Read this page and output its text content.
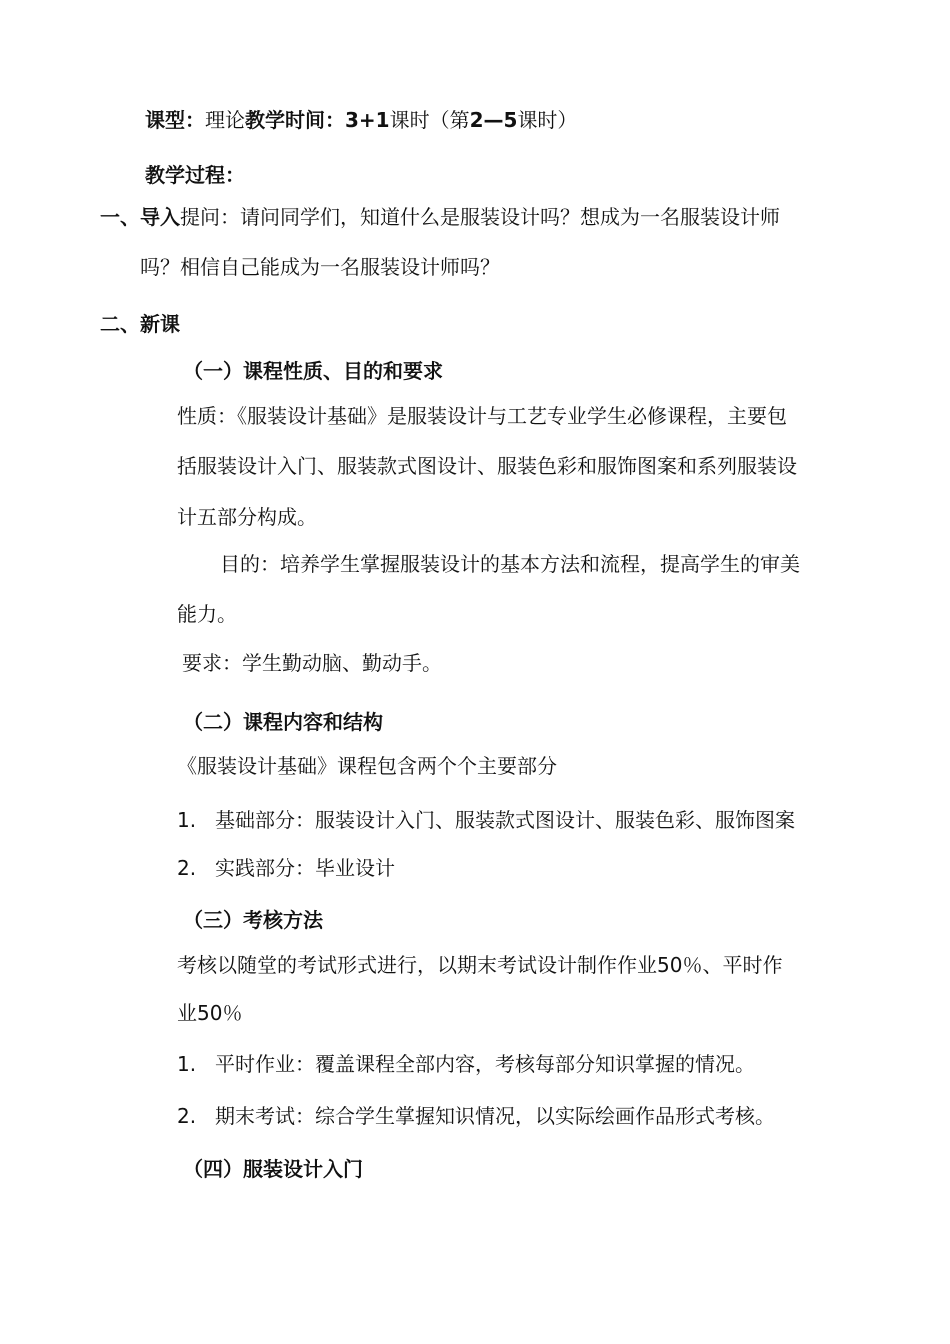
课型：理论教学时间：3+1课时（第2—5课时）
教学过程：
一、导入提问：请问同学们，知道什么是服装设计吗？想成为一名服装设计师
吗？相信自己能成为一名服装设计师吗？
二、新课
（一）课程性质、目的和要求
性质：《服装设计基础》是服装设计与工艺专业学生必修课程，主要包
括服装设计入门、服装款式图设计、服装色彩和服饰图案和系列服装设
计五部分构成。
目的：培养学生掌握服装设计的基本方法和流程，提高学生的审美
能力。
要求：学生勤动脑、勤动手。
（二）课程内容和结构
《服装设计基础》课程包含两个个主要部分
1. 基础部分：服装设计入门、服装款式图设计、服装色彩、服饰图案
2. 实践部分：毕业设计
（三）考核方法
考核以随堂的考试形式进行，以期末考试设计制作作业50％、平时作
业50％
1. 平时作业：覆盖课程全部内容，考核每部分知识掌握的情况。
2. 期末考试：综合学生掌握知识情况，以实际绘画作品形式考核。
（四）服装设计入门
